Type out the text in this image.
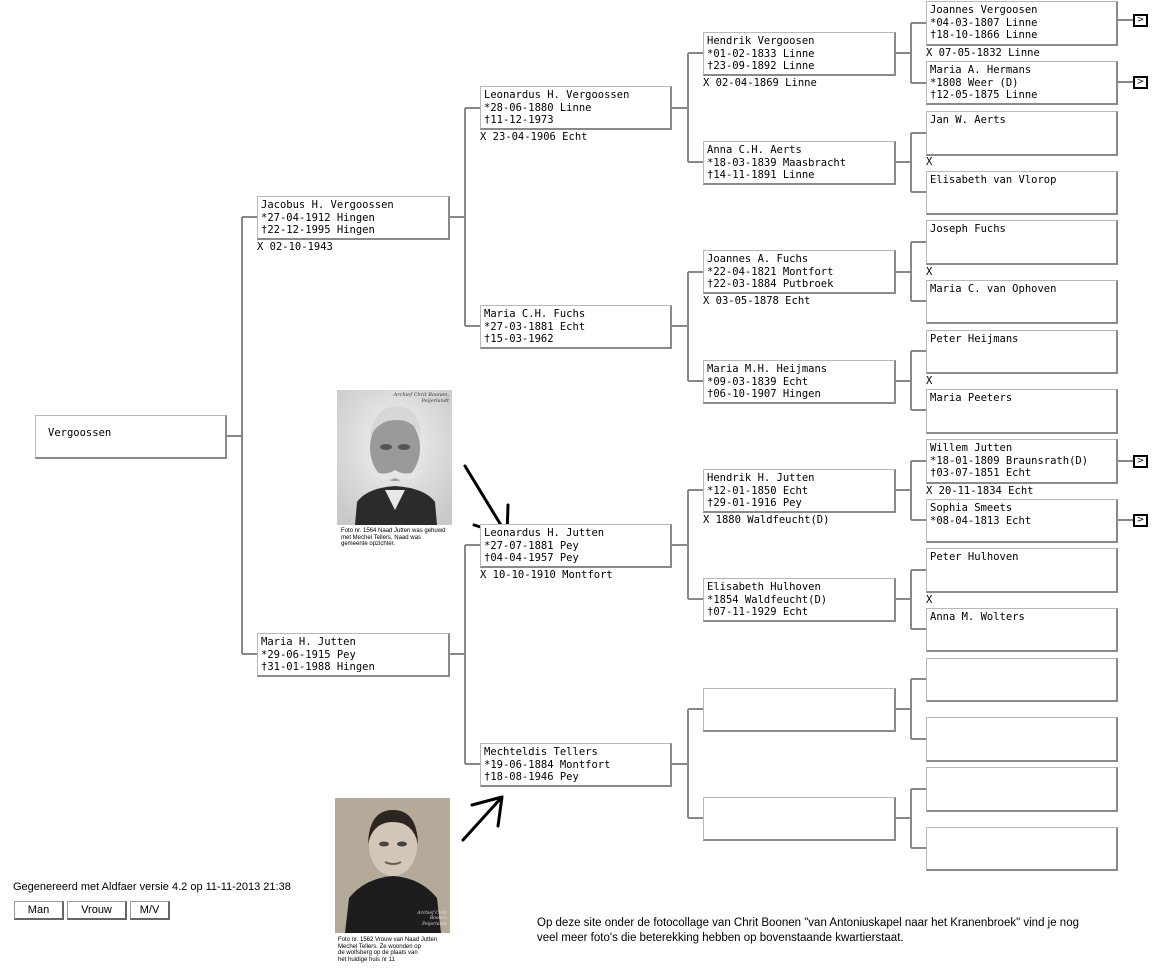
Vergoossen
Jacobus H. Vergoossen
*27-04-1912 Hingen
†22-12-1995 Hingen
X 02-10-1943
Maria H. Jutten
*29-06-1915 Pey
†31-01-1988 Hingen
Leonardus H. Vergoossen
*28-06-1880 Linne
†11-12-1973
X 23-04-1906 Echt
Maria C.H. Fuchs
*27-03-1881 Echt
†15-03-1962
Leonardus H. Jutten
*27-07-1881 Pey
†04-04-1957 Pey
X 10-10-1910 Montfort
Mechteldis Tellers
*19-06-1884 Montfort
†18-08-1946 Pey
Hendrik Vergoosen
*01-02-1833 Linne
†23-09-1892 Linne
X 02-04-1869 Linne
Anna C.H. Aerts
*18-03-1839 Maasbracht
†14-11-1891 Linne
Joannes A. Fuchs
*22-04-1821 Montfort
†22-03-1884 Putbroek
X 03-05-1878 Echt
Maria M.H. Heijmans
*09-03-1839 Echt
†06-10-1907 Hingen
Hendrik H. Jutten
*12-01-1850 Echt
†29-01-1916 Pey
X 1880 Waldfeucht(D)
Elisabeth Hulhoven
*1854 Waldfeucht(D)
†07-11-1929 Echt
Joannes Vergoosen
*04-03-1807 Linne
†18-10-1866 Linne
>
X 07-05-1832 Linne
Maria A. Hermans
*1808 Weer (D)
†12-05-1875 Linne
>
Jan W. Aerts
X
Elisabeth van Vlorop
Joseph Fuchs
X
Maria C. van Ophoven
Peter Heijmans
X
Maria Peeters
Willem Jutten
*18-01-1809 Braunsrath(D)
†03-07-1851 Echt
>
X 20-11-1834 Echt
Sophia Smeets
*08-04-1813 Echt	>
Peter Hulhoven
X
Anna M. Wolters
Archief Chrit Boonen, Peijerlandt
Foto nr. 1564 Naad Jutten was gehuwd
met Mechel Tellers. Naad was
gemeente opzichter.
Archief Chrit Boonen Peijerlandt
Foto nr. 1562 Vrouw van Naad Jutten
Mechel Tellers. Ze woonden op
de wolfsberg op de plaats van
het huidige huis nr 11
Gegenereerd met Aldfaer versie 4.2 op 11-11-2013 21:38
Man	Vrouw	M/V
Op deze site onder de fotocollage van Chrit Boonen "van Antoniuskapel naar het Kranenbroek" vind je nog
veel meer foto's die beterekking hebben op bovenstaande kwartierstaat.
